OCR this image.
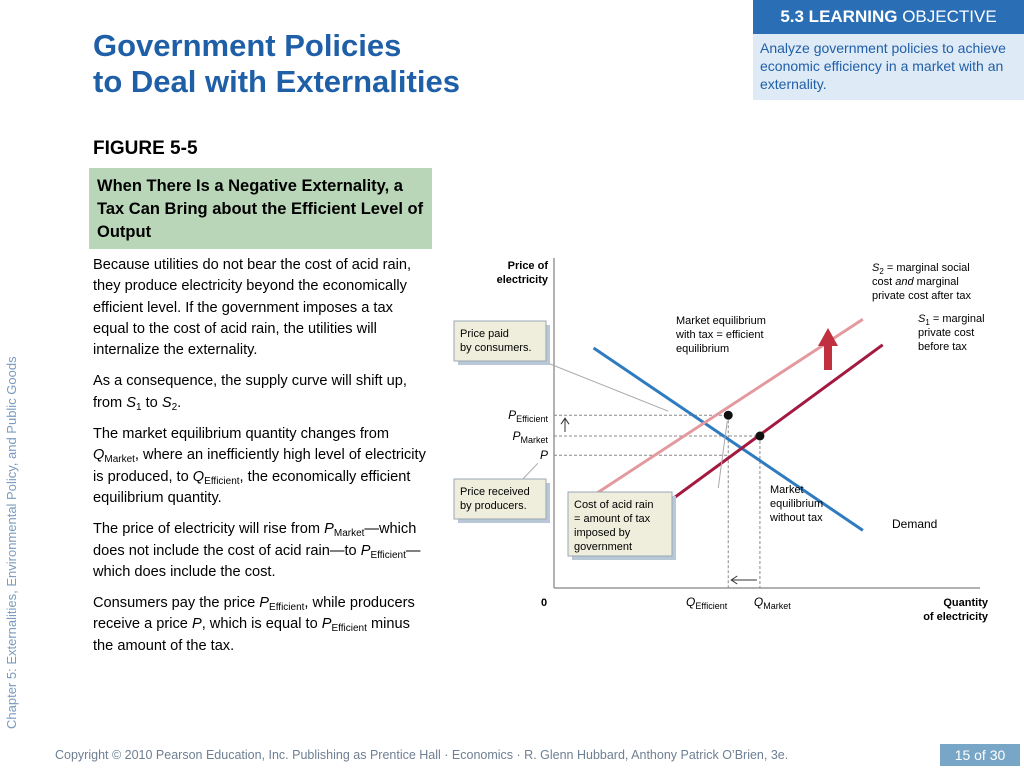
Chapter 5: Externalities, Environmental Policy, and Public Goods
Government Policies
to Deal with Externalities
5.3 LEARNING OBJECTIVE
Analyze government policies to achieve economic efficiency in a market with an externality.
FIGURE 5-5
When There Is a Negative Externality, a Tax Can Bring about the Efficient Level of Output

Because utilities do not bear the cost of acid rain, they produce electricity beyond the economically efficient level. If the government imposes a tax equal to the cost of acid rain, the utilities will internalize the externality.

As a consequence, the supply curve will shift up, from $S_1$ to $S_2$.

The market equilibrium quantity changes from $Q_{Market}$, where an inefficiently high level of electricity is produced, to $Q_{Efficient}$, the economically efficient equilibrium quantity.

The price of electricity will rise from $P_{Market}—which$ does not include the cost of acid rain—to $P_{Efficient}—which$ does include the cost.

Consumers pay the price $P_{Efficient}$, while producers receive a price P, which is equal to $P_{Efficient}$ minus the amount of the tax.

Price of
electricity
Quantity
of electricity
0
$P_{Efficient}$
$P_{Market}$
P
$Q_{Efficient}$ $Q_{Market}$
Price paid
by consumers.
Price received
by producers.	Cost of acid rain
= amount of tax
imposed by
government
Market equilibrium
with tax = efficient
equilibrium
Market
equilibrium
without tax	Demand
$S_2$ = marginal social
cost and marginal
private cost after tax
$S_1$ = marginal
private cost
before tax
Copyright © 2010 Pearson Education, Inc. Publishing as Prentice Hall · Economics · R. Glenn Hubbard, Anthony Patrick O’Brien, 3e.	15 of 30
